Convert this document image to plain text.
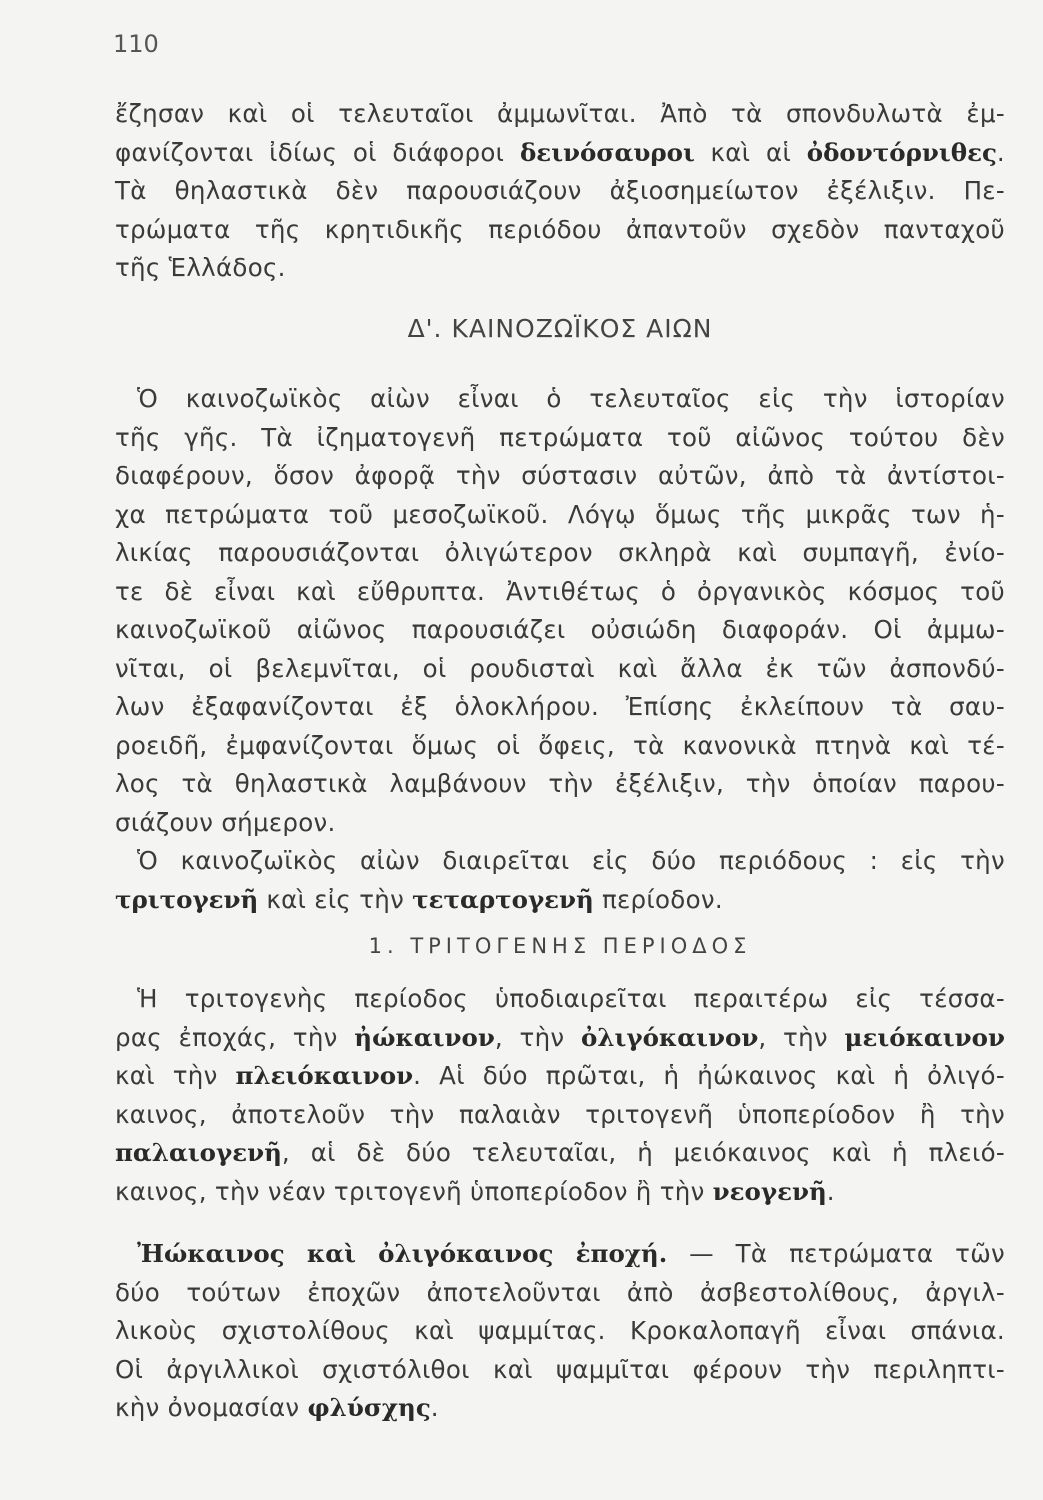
110
ἔζησαν καὶ οἱ τελευταῖοι ἀμμωνῖται. Ἀπὸ τὰ σπονδυλωτὰ ἐμ-
φανίζονται ἰδίως οἱ διάφοροι δεινόσαυροι καὶ αἱ ὀδοντόρνιθες.
Τὰ θηλαστικὰ δὲν παρουσιάζουν ἀξιοσημείωτον ἐξέλιξιν. Πε-
τρώματα τῆς κρητιδικῆς περιόδου ἀπαντοῦν σχεδὸν πανταχοῦ
τῆς Ἑλλάδος.
Δ'. ΚΑΙΝΟΖΩΪΚΟΣ ΑΙΩΝ
Ὁ καινοζωϊκὸς αἰὼν εἶναι ὁ τελευταῖος εἰς τὴν ἱστορίαν
τῆς γῆς. Τὰ ἰζηματογενῆ πετρώματα τοῦ αἰῶνος τούτου δὲν
διαφέρουν, ὅσον ἀφορᾷ τὴν σύστασιν αὐτῶν, ἀπὸ τὰ ἀντίστοι-
χα πετρώματα τοῦ μεσοζωϊκοῦ. Λόγῳ ὅμως τῆς μικρᾶς των ἡ-
λικίας παρουσιάζονται ὀλιγώτερον σκληρὰ καὶ συμπαγῆ, ἐνίο-
τε δὲ εἶναι καὶ εὔθρυπτα. Ἀντιθέτως ὁ ὀργανικὸς κόσμος τοῦ
καινοζωϊκοῦ αἰῶνος παρουσιάζει οὐσιώδη διαφοράν. Οἱ ἀμμω-
νῖται, οἱ βελεμνῖται, οἱ ρουδισταὶ καὶ ἄλλα ἐκ τῶν ἀσπονδύ-
λων ἐξαφανίζονται ἐξ ὁλοκλήρου. Ἐπίσης ἐκλείπουν τὰ σαυ-
ροειδῆ, ἐμφανίζονται ὅμως οἱ ὄφεις, τὰ κανονικὰ πτηνὰ καὶ τέ-
λος τὰ θηλαστικὰ λαμβάνουν τὴν ἐξέλιξιν, τὴν ὁποίαν παρου-
σιάζουν σήμερον.
Ὁ καινοζωϊκὸς αἰὼν διαιρεῖται εἰς δύο περιόδους : εἰς τὴν
τριτογενῆ καὶ εἰς τὴν τεταρτογενῆ περίοδον.
1. ΤΡΙΤΟΓΕΝΗΣ ΠΕΡΙΟΔΟΣ
Ἡ τριτογενὴς περίοδος ὑποδιαιρεῖται περαιτέρω εἰς τέσσα-
ρας ἐποχάς, τὴν ἠώκαινον, τὴν ὀλιγόκαινον, τὴν μειόκαινον
καὶ τὴν πλειόκαινον. Αἱ δύο πρῶται, ἡ ἠώκαινος καὶ ἡ ὀλιγό-
καινος, ἀποτελοῦν τὴν παλαιὰν τριτογενῆ ὑποπερίοδον ἢ τὴν
παλαιογενῆ, αἱ δὲ δύο τελευταῖαι, ἡ μειόκαινος καὶ ἡ πλειό-
καινος, τὴν νέαν τριτογενῆ ὑποπερίοδον ἢ τὴν νεογενῆ.
Ἠώκαινος καὶ ὀλιγόκαινος ἐποχή. — Τὰ πετρώματα τῶν
δύο τούτων ἐποχῶν ἀποτελοῦνται ἀπὸ ἀσβεστολίθους, ἀργιλ-
λικοὺς σχιστολίθους καὶ ψαμμίτας. Κροκαλοπαγῆ εἶναι σπάνια.
Οἱ ἀργιλλικοὶ σχιστόλιθοι καὶ ψαμμῖται φέρουν τὴν περιληπτι-
κὴν ὀνομασίαν φλύσχης.
